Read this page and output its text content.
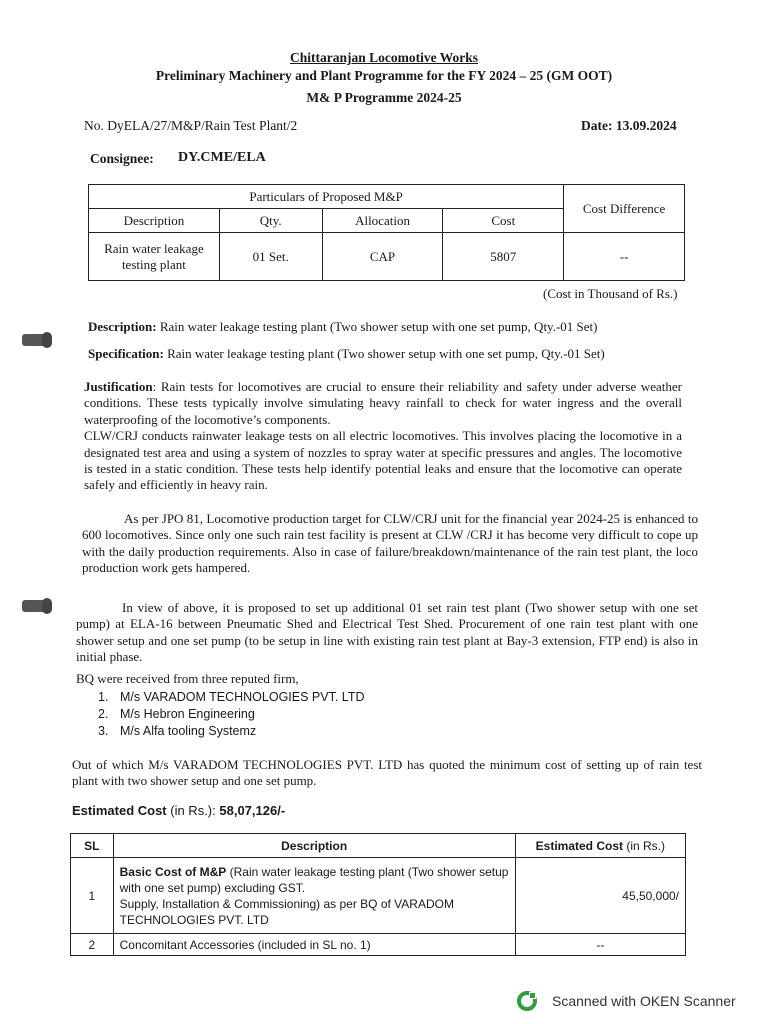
Chittaranjan Locomotive Works
Preliminary Machinery and Plant Programme for the FY 2024 – 25 (GM OOT)
M& P Programme 2024-25
No. DyELA/27/M&P/Rain Test Plant/2	Date: 13.09.2024
Consignee: DY.CME/ELA
Particulars of Proposed M&P				Cost Difference
Description	Qty.	Allocation	Cost	
Rain water leakage testing plant	01 Set.	CAP	5807	--
(Cost in Thousand of Rs.)
Description: Rain water leakage testing plant (Two shower setup with one set pump, Qty.-01 Set)
Specification: Rain water leakage testing plant (Two shower setup with one set pump, Qty.-01 Set)
Justification: Rain tests for locomotives are crucial to ensure their reliability and safety under adverse weather conditions. These tests typically involve simulating heavy rainfall to check for water ingress and the overall waterproofing of the locomotive’s components.
CLW/CRJ conducts rainwater leakage tests on all electric locomotives. This involves placing the locomotive in a designated test area and using a system of nozzles to spray water at specific pressures and angles. The locomotive is tested in a static condition. These tests help identify potential leaks and ensure that the locomotive can operate safely and efficiently in heavy rain.
As per JPO 81, Locomotive production target for CLW/CRJ unit for the financial year 2024-25 is enhanced to 600 locomotives. Since only one such rain test facility is present at CLW /CRJ it has become very difficult to cope up with the daily production requirements. Also in case of failure/breakdown/maintenance of the rain test plant, the loco production work gets hampered.
In view of above, it is proposed to set up additional 01 set rain test plant (Two shower setup with one set pump) at ELA-16 between Pneumatic Shed and Electrical Test Shed. Procurement of one rain test plant with one shower setup and one set pump (to be setup in line with existing rain test plant at Bay-3 extension, FTP end) is also in initial phase.
BQ were received from three reputed firm,
1. M/s VARADOM TECHNOLOGIES PVT. LTD
2. M/s Hebron Engineering
3. M/s Alfa tooling Systemz
Out of which M/s VARADOM TECHNOLOGIES PVT. LTD has quoted the minimum cost of setting up of rain test plant with two shower setup and one set pump.
Estimated Cost (in Rs.): 58,07,126/-
SL	Description	Estimated Cost (in Rs.)
1	Basic Cost of M&P (Rain water leakage testing plant (Two shower setup with one set pump) excluding GST.
Supply, Installation & Commissioning) as per BQ of VARADOM TECHNOLOGIES PVT. LTD	45,50,000/
2	Concomitant Accessories (included in SL no. 1)	--
Scanned with OKEN Scanner
